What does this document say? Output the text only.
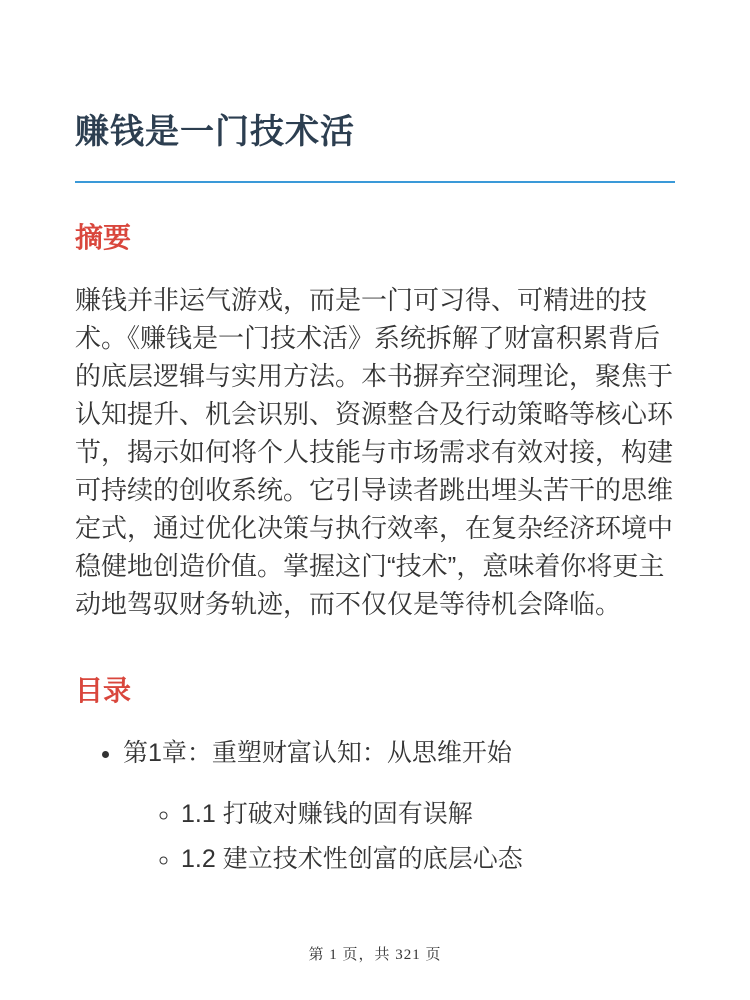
赚钱是一门技术活
摘要

赚钱并非运气游戏，而是一门可习得、可精进的技术。《赚钱是一门技术活》系统拆解了财富积累背后的底层逻辑与实用方法。本书摒弃空洞理论，聚焦于认知提升、机会识别、资源整合及行动策略等核心环节，揭示如何将个人技能与市场需求有效对接，构建可持续的创收系统。它引导读者跳出埋头苦干的思维定式，通过优化决策与执行效率，在复杂经济环境中稳健地创造价值。掌握这门“技术”，意味着你将更主动地驾驭财务轨迹，而不仅仅是等待机会降临。

目录
• 第1章：重塑财富认知：从思维开始
◦ 1.1 打破对赚钱的固有误解
◦ 1.2 建立技术性创富的底层心态
第 1 页，共 321 页
